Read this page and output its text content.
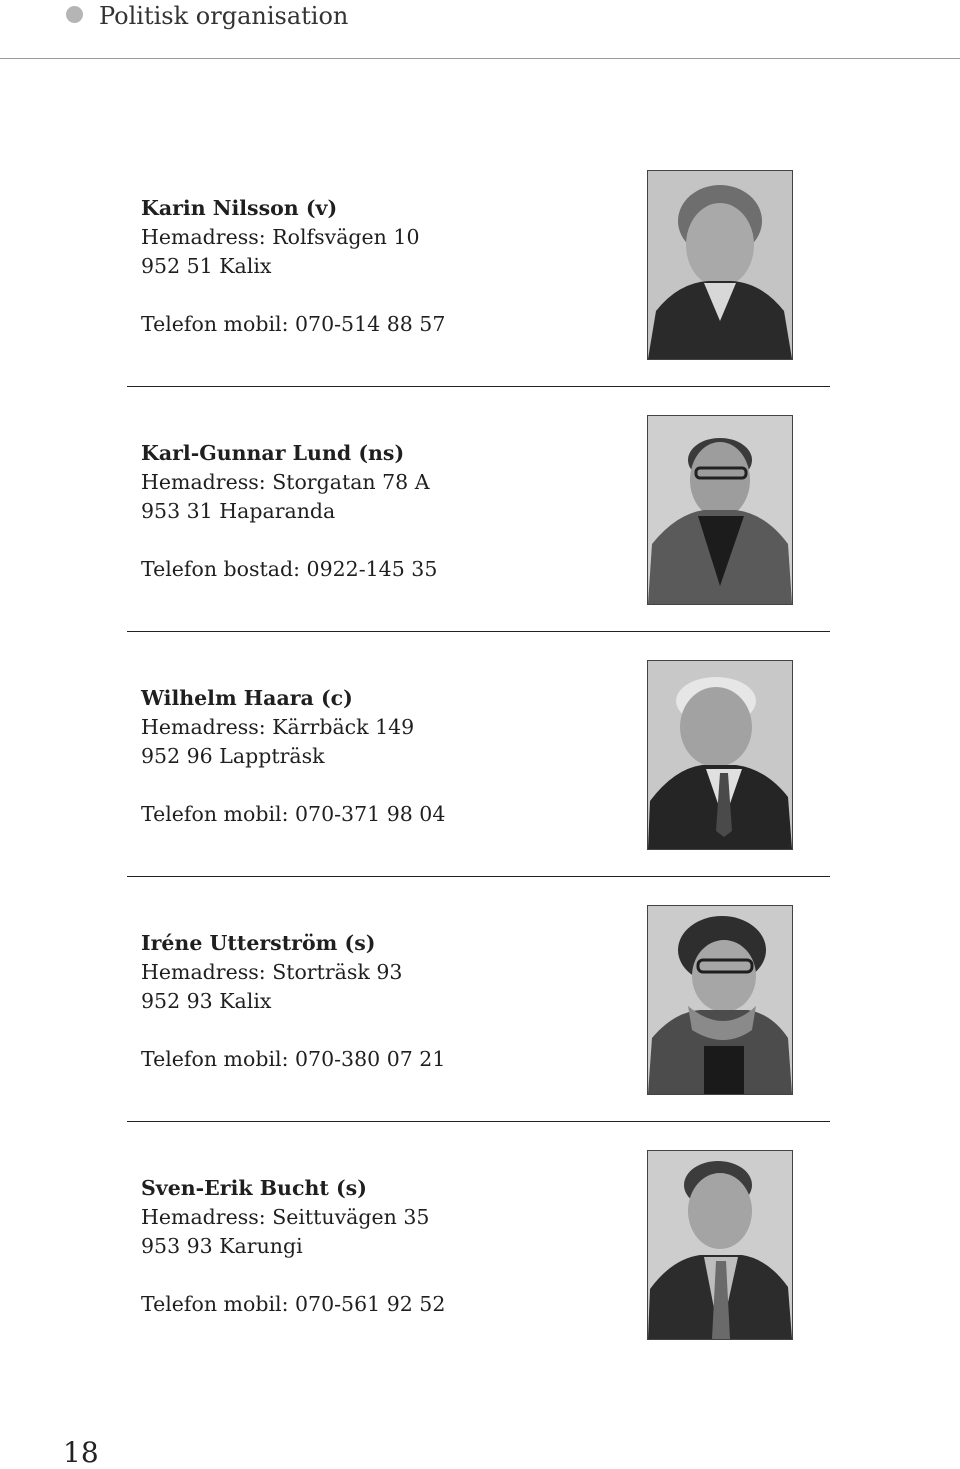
Politisk organisation
Karin Nilsson (v)
Hemadress: Rolfsvägen 10
952 51 Kalix
Telefon mobil: 070-514 88 57
Karl-Gunnar Lund (ns)
Hemadress: Storgatan 78 A
953 31 Haparanda
Telefon bostad: 0922-145 35
Wilhelm Haara (c)
Hemadress: Kärrbäck 149
952 96 Lappträsk
Telefon mobil: 070-371 98 04
Iréne Utterström (s)
Hemadress: Storträsk 93
952 93 Kalix
Telefon mobil: 070-380 07 21
Sven-Erik Bucht (s)
Hemadress: Seittuvägen 35
953 93 Karungi
Telefon mobil: 070-561 92 52
18
